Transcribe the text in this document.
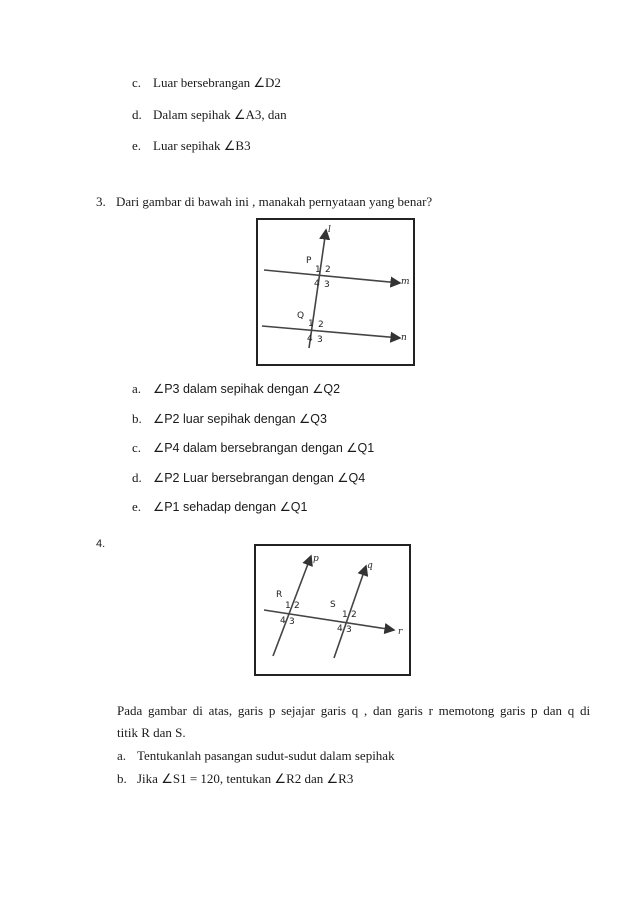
c. Luar bersebrangan ∠D2
d. Dalam sepihak ∠A3, dan
e. Luar sepihak ∠B3
3. Dari gambar di bawah ini , manakah pernyataan yang benar?
l
m
n
P
1 2
4 3
Q
1 2
4 3
a. ∠P3 dalam sepihak dengan ∠Q2
b. ∠P2 luar sepihak dengan ∠Q3
c. ∠P4 dalam bersebrangan dengan ∠Q1
d. ∠P2 Luar bersebrangan dengan ∠Q4
e. ∠P1 sehadap dengan ∠Q1
4.
p
q
r
R
1 2
4 3
S
1 2
4 3
Pada gambar di atas, garis p sejajar garis q , dan garis r memotong garis p dan q di
titik R dan S.
a. Tentukanlah pasangan sudut-sudut dalam sepihak
b. Jika ∠S1 = 120, tentukan ∠R2 dan ∠R3
